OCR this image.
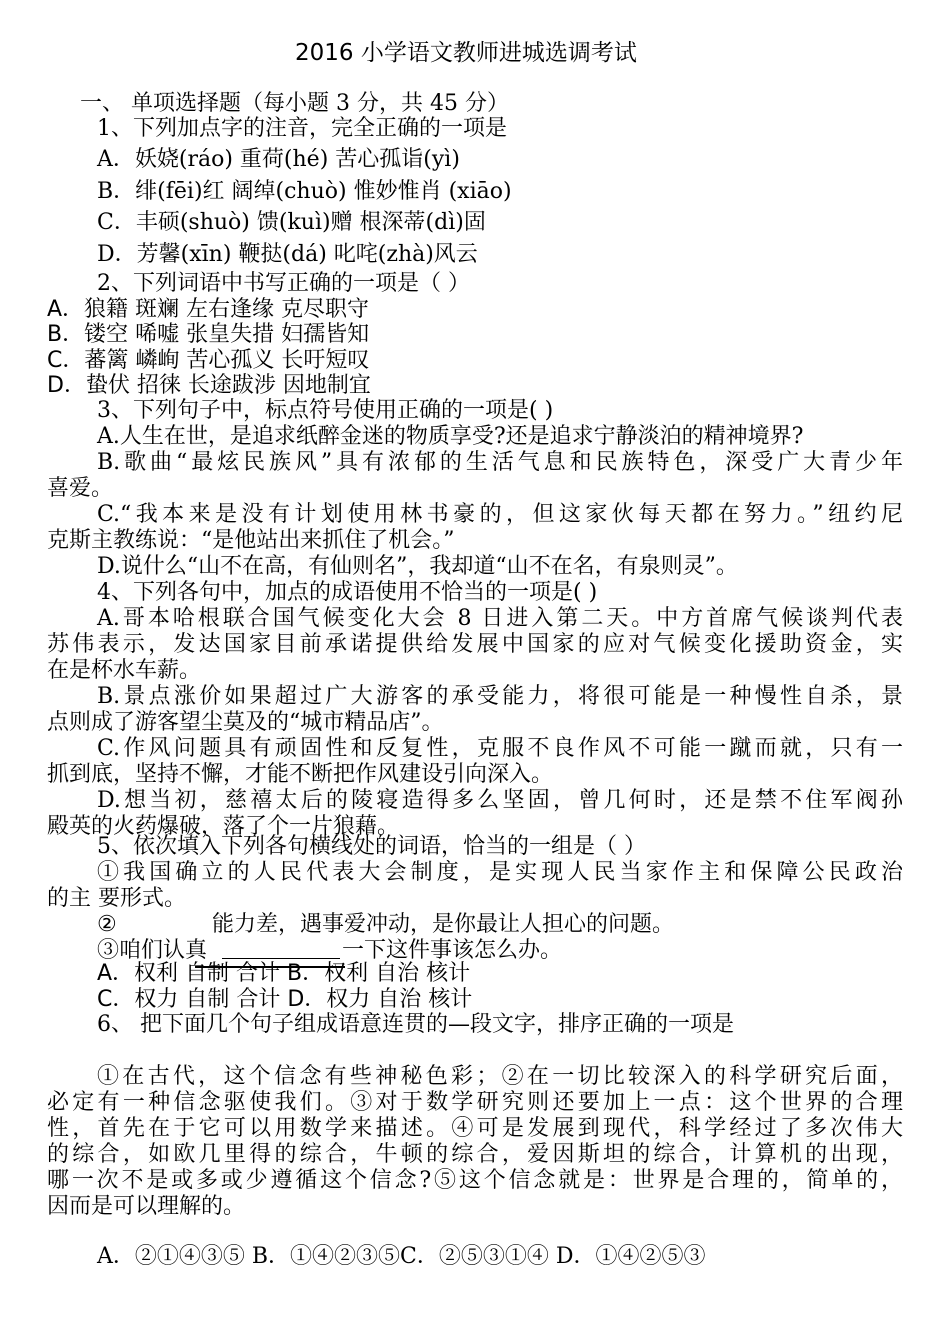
2016 小学语文教师进城选调考试
一、 单项选择题（每小题 3 分，共 45 分）
1、下列加点字的注音，完全正确的一项是
A．妖娆(ráo) 重荷(hé) 苦心孤诣(yì)
B．绯(fēi)红 阔绰(chuò) 惟妙惟肖 (xiāo)
C．丰硕(shuò) 馈(kuì)赠 根深蒂(dì)固
D．芳馨(xīn) 鞭挞(dá) 叱咤(zhà)风云
2、下列词语中书写正确的一项是（ ）
A．狼籍 斑斓 左右逢缘 克尽职守
B．镂空 唏嘘 张皇失措 妇孺皆知
C．蕃篱 嶙峋 苦心孤义 长吁短叹
D．蛰伏 招徕 长途跋涉 因地制宜
3、下列句子中，标点符号使用正确的一项是( )
A.人生在世，是追求纸醉金迷的物质享受?还是追求宁静淡泊的精神境界?
B.歌曲“最炫民族风”具有浓郁的生活气息和民族特色，深受广大青少年
喜爱。
C.“我本来是没有计划使用林书豪的，但这家伙每天都在努力。”纽约尼
克斯主教练说：“是他站出来抓住了机会。”
D.说什么“山不在高，有仙则名”，我却道“山不在名，有泉则灵”。
4、下列各句中，加点的成语使用不恰当的一项是( )
A.哥本哈根联合国气候变化大会 8 日进入第二天。中方首席气候谈判代表
苏伟表示，发达国家目前承诺提供给发展中国家的应对气候变化援助资金，实
在是杯水车薪。
B.景点涨价如果超过广大游客的承受能力，将很可能是一种慢性自杀，景
点则成了游客望尘莫及的“城市精品店”。
C.作风问题具有顽固性和反复性，克服不良作风不可能一蹴而就，只有一
抓到底，坚持不懈，才能不断把作风建设引向深入。
D.想当初，慈禧太后的陵寝造得多么坚固，曾几何时，还是禁不住军阀孙
殿英的火药爆破，落了个一片狼藉。
5、依次填入下列各句横线处的词语，恰当的一组是（ ）
①我国确立的人民代表大会制度，是实现人民当家作主和保障公民政治
的主 要形式。
②	能力差，遇事爱冲动，是你最让人担心的问题。
③咱们认真	一下这件事该怎么办。
A．权利 自制 合计 B．权利 自治 核计
C．权力 自制 合计 D．权力 自治 核计
6、 把下面几个句子组成语意连贯的—段文字，排序正确的一项是
①在古代，这个信念有些神秘色彩；②在一切比较深入的科学研究后面，
必定有一种信念驱使我们。③对于数学研究则还要加上一点：这个世界的合理
性，首先在于它可以用数学来描述。④可是发展到现代，科学经过了多次伟大
的综合，如欧几里得的综合，牛顿的综合，爱因斯坦的综合，计算机的出现，
哪一次不是或多或少遵循这个信念?⑤这个信念就是：世界是合理的，简单的，
因而是可以理解的。
A．②①④③⑤ B．①④②③⑤C．②⑤③①④ D．①④②⑤③
